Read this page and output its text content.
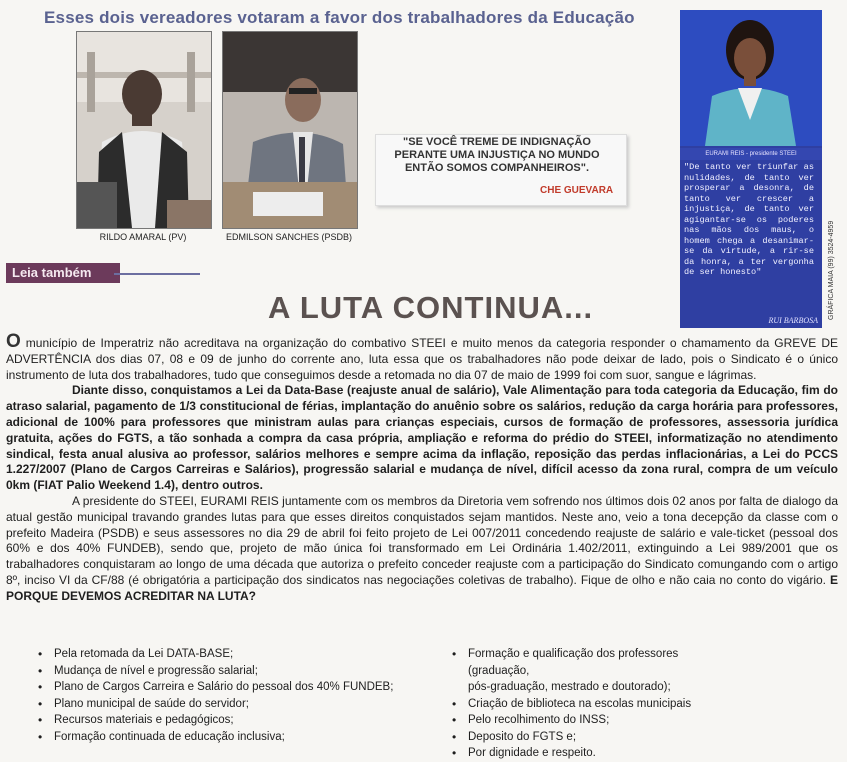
Esses dois vereadores votaram a favor dos trabalhadores da Educação
RILDO AMARAL (PV)	EDMILSON SANCHES (PSDB)
"SE VOCÊ TREME DE INDIGNAÇÃO PERANTE UMA INJUSTIÇA NO MUNDO ENTÃO SOMOS COMPANHEIROS".
CHE GUEVARA
EURAMI REIS - presidente STEEI
"De tanto ver triunfar as nulidades, de tanto ver prosperar a desonra, de tanto ver crescer a injustiça, de tanto ver agigantar-se os poderes nas mãos dos maus, o homem chega a desanimar-se da virtude, a rir-se da honra, a ter vergonha de ser honesto"
RUI BARBOSA
GRÁFICA MAIA (99) 3524-4959
Leia também
A LUTA CONTINUA...

O município de Imperatriz não acreditava na organização do combativo STEEI e muito menos da categoria responder o chamamento da GREVE DE ADVERTÊNCIA dos dias 07, 08 e 09 de junho do corrente ano, luta essa que os trabalhadores não pode deixar de lado, pois o Sindicato é o único instrumento de luta dos trabalhadores, tudo que conseguimos desde a retomada no dia 07 de maio de 1999 foi com suor, sangue e lágrimas.

Diante disso, conquistamos a Lei da Data-Base (reajuste anual de salário), Vale Alimentação para toda categoria da Educação, fim do atraso salarial, pagamento de 1/3 constitucional de férias, implantação do anuênio sobre os salários, redução da carga horária para professores, adicional de 100% para professores que ministram aulas para crianças especiais, cursos de formação de professores, assessoria jurídica gratuita, ações do FGTS, a tão sonhada a compra da casa própria, ampliação e reforma do prédio do STEEI, informatização no atendimento sindical, festa anual alusiva ao professor, salários melhores e sempre acima da inflação, reposição das perdas inflacionárias, a Lei do PCCS 1.227/2007 (Plano de Cargos Carreiras e Salários), progressão salarial e mudança de nível, difícil acesso da zona rural, compra de um veículo 0km (FIAT Palio Weekend 1.4), dentro outros.

A presidente do STEEI, EURAMI REIS juntamente com os membros da Diretoria vem sofrendo nos últimos dois 02 anos por falta de dialogo da atual gestão municipal travando grandes lutas para que esses direitos conquistados sejam mantidos. Neste ano, veio a tona decepção da classe com o prefeito Madeira (PSDB) e seus assessores no dia 29 de abril foi feito projeto de Lei 007/2011 concedendo reajuste de salário e vale-ticket (pessoal dos 60% e dos 40% FUNDEB), sendo que, projeto de mão única foi transformado em Lei Ordinária 1.402/2011, extinguindo a Lei 989/2001 que os trabalhadores conquistaram ao longo de uma década que autoriza o prefeito conceder reajuste com a participação do Sindicato comungando com o artigo 8º, inciso VI da CF/88 (é obrigatória a participação dos sindicatos nas negociações coletivas de trabalho). Fique de olho e não caia no conto do vigário. E PORQUE DEVEMOS ACREDITAR NA LUTA?

• Pela retomada da Lei DATA-BASE;
• Mudança de nível e progressão salarial;
• Plano de Cargos Carreira e Salário do pessoal dos 40% FUNDEB;
• Plano municipal de saúde do servidor;
• Recursos materiais e pedagógicos;
• Formação continuada de educação inclusiva;
• Formação e qualificação dos professores (graduação,
pós-graduação, mestrado e doutorado);
• Criação de biblioteca na escolas municipais
• Pelo recolhimento do INSS;
• Deposito do FGTS e;
• Por dignidade e respeito.
